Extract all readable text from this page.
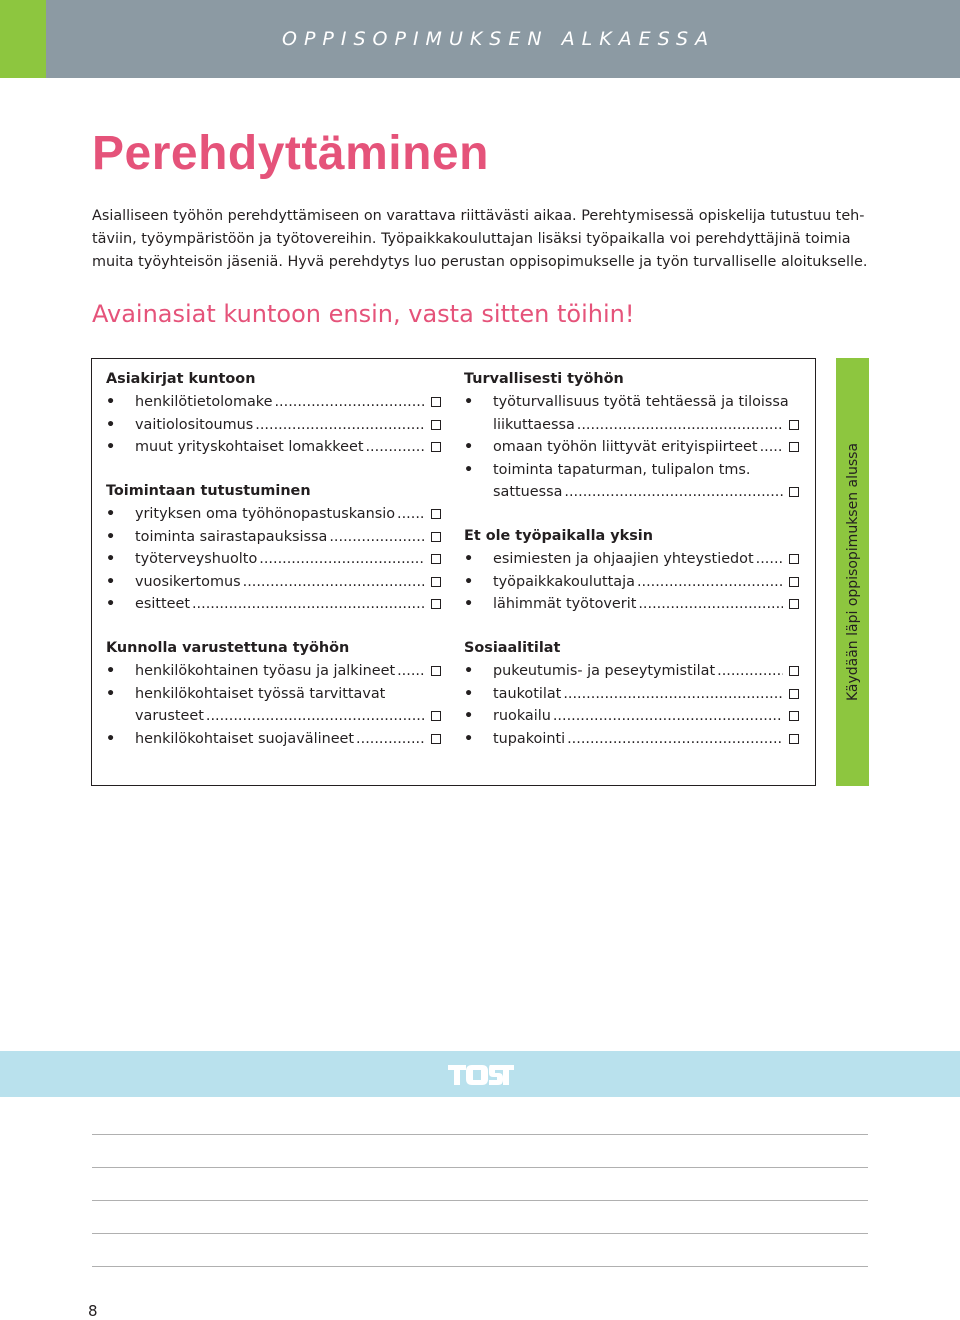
OPPISOPIMUKSEN ALKAESSA
Perehdyttäminen
Asialliseen työhön perehdyttämiseen on varattava riittävästi aikaa. Perehtymisessä opiskelija tutustuu teh-
täviin, työympäristöön ja työtovereihin. Työpaikkakouluttajan lisäksi työpaikalla voi perehdyttäjinä toimia
muita työyhteisön jäseniä. Hyvä perehdytys luo perustan oppisopimukselle ja työn turvalliselle aloitukselle.
Avainasiat kuntoon ensin, vasta sitten töihin!
Asiakirjat kuntoon
• henkilötietolomake
.....
• vaitiolositoumus
.....
• muut yrityskohtaiset lomakkeet
.....
Toimintaan tutustuminen
• yrityksen oma työhönopastuskansio
.....
• toiminta sairastapauksissa
.....
• työterveyshuolto
.....
• vuosikertomus
.....
• esitteet
.....
Kunnolla varustettuna työhön
• henkilökohtainen työasu ja jalkineet
.....
• henkilökohtaiset työssä tarvittavat
varusteet
.....
• henkilökohtaiset suojavälineet
.....
Turvallisesti työhön
• työturvallisuus työtä tehtäessä ja tiloissa
liikuttaessa
.....
• omaan työhön liittyvät erityispiirteet
.....
• toiminta tapaturman, tulipalon tms.
sattuessa
.....
Et ole työpaikalla yksin
• esimiesten ja ohjaajien yhteystiedot
.....
• työpaikkakouluttaja
.....
• lähimmät työtoverit
.....
Sosiaalitilat
• pukeutumis- ja peseytymistilat
.....
• taukotilat
.....
• ruokailu
.....
• tupakointi
.....
Käydään läpi oppisopimuksen alussa
8
